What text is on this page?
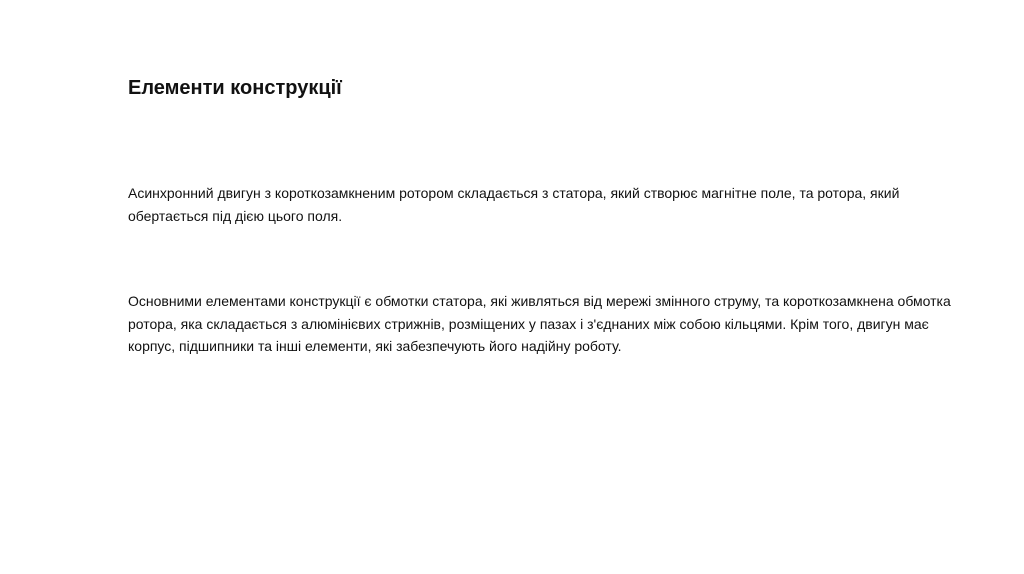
Елементи конструкції

Асинхронний двигун з короткозамкненим ротором складається з статора, який створює магнітне поле, та ротора, який
обертається під дією цього поля.

Основними елементами конструкції є обмотки статора, які живляться від мережі змінного струму, та короткозамкнена обмотка
ротора, яка складається з алюмінієвих стрижнів, розміщених у пазах і з'єднаних між собою кільцями. Крім того, двигун має
корпус, підшипники та інші елементи, які забезпечують його надійну роботу.
